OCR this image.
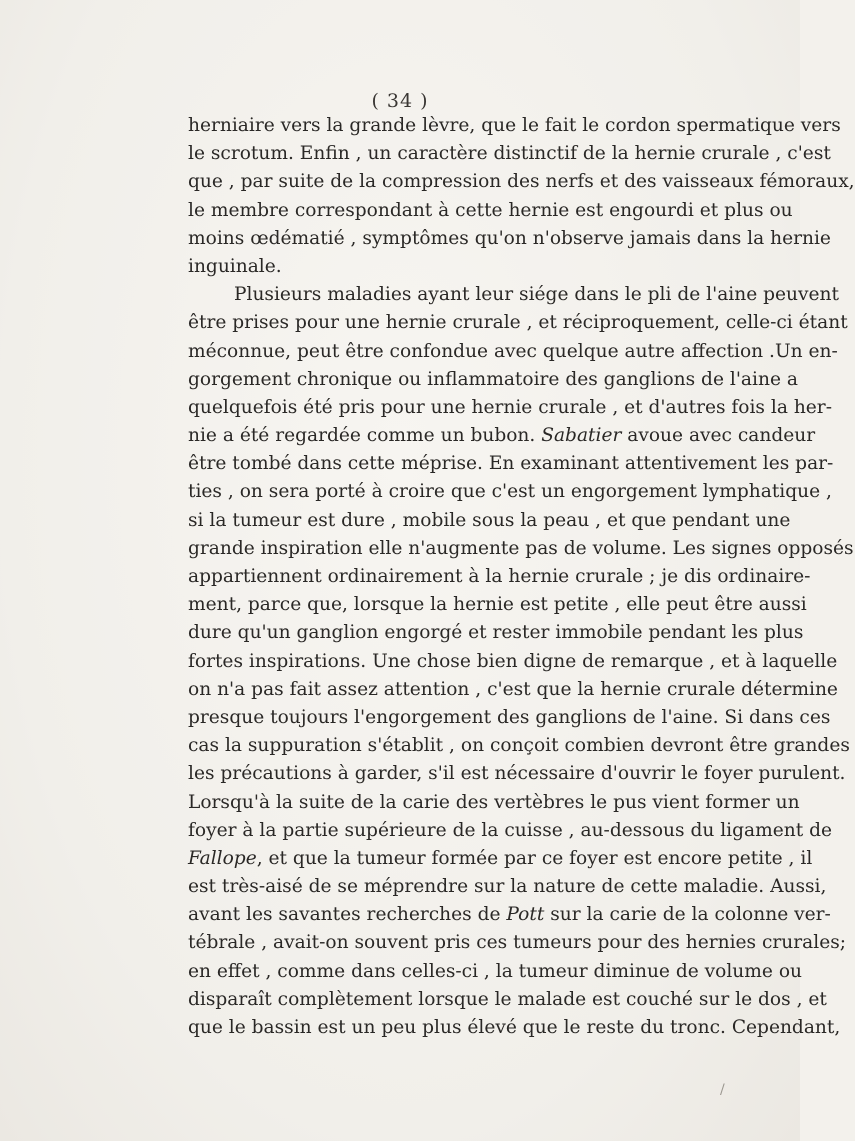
( 34 )
herniaire vers la grande lèvre, que le fait le cordon spermatique vers
le scrotum. Enfin , un caractère distinctif de la hernie crurale , c'est
que , par suite de la compression des nerfs et des vaisseaux fémoraux,
le membre correspondant à cette hernie est engourdi et plus ou
moins œdématié , symptômes qu'on n'observe jamais dans la hernie
inguinale.
Plusieurs maladies ayant leur siége dans le pli de l'aine peuvent
être prises pour une hernie crurale , et réciproquement, celle-ci étant
méconnue, peut être confondue avec quelque autre affection .Un en-
gorgement chronique ou inflammatoire des ganglions de l'aine a
quelquefois été pris pour une hernie crurale , et d'autres fois la her-
nie a été regardée comme un bubon. Sabatier avoue avec candeur
être tombé dans cette méprise. En examinant attentivement les par-
ties , on sera porté à croire que c'est un engorgement lymphatique ,
si la tumeur est dure , mobile sous la peau , et que pendant une
grande inspiration elle n'augmente pas de volume. Les signes opposés
appartiennent ordinairement à la hernie crurale ; je dis ordinaire-
ment, parce que, lorsque la hernie est petite , elle peut être aussi
dure qu'un ganglion engorgé et rester immobile pendant les plus
fortes inspirations. Une chose bien digne de remarque , et à laquelle
on n'a pas fait assez attention , c'est que la hernie crurale détermine
presque toujours l'engorgement des ganglions de l'aine. Si dans ces
cas la suppuration s'établit , on conçoit combien devront être grandes
les précautions à garder, s'il est nécessaire d'ouvrir le foyer purulent.
Lorsqu'à la suite de la carie des vertèbres le pus vient former un
foyer à la partie supérieure de la cuisse , au-dessous du ligament de
Fallope, et que la tumeur formée par ce foyer est encore petite , il
est très-aisé de se méprendre sur la nature de cette maladie. Aussi,
avant les savantes recherches de Pott sur la carie de la colonne ver-
tébrale , avait-on souvent pris ces tumeurs pour des hernies crurales;
en effet , comme dans celles-ci , la tumeur diminue de volume ou
disparaît complètement lorsque le malade est couché sur le dos , et
que le bassin est un peu plus élevé que le reste du tronc. Cependant,
/
